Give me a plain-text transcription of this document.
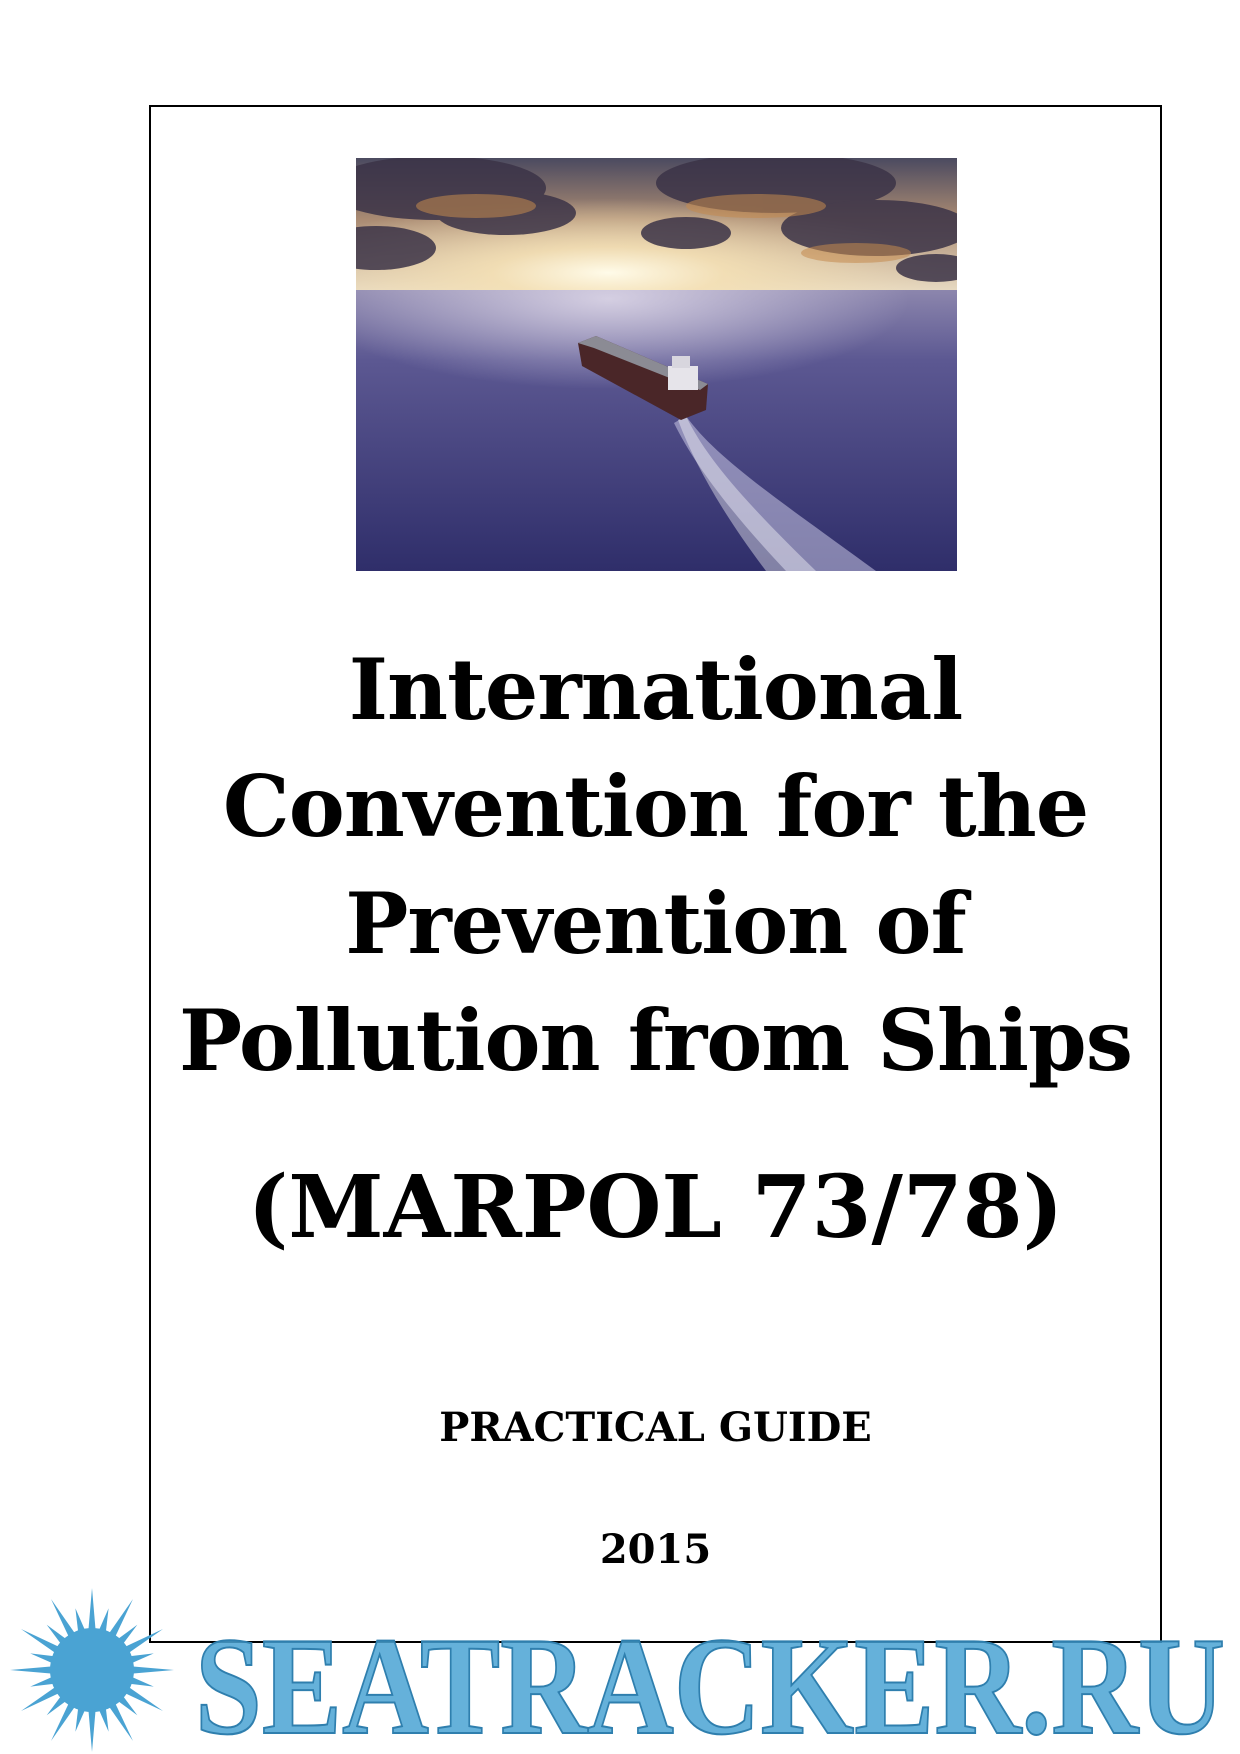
International
Convention for the
Prevention of
Pollution from Ships
(MARPOL 73/78)
PRACTICAL GUIDE
2015
SEATRACKER.RU
